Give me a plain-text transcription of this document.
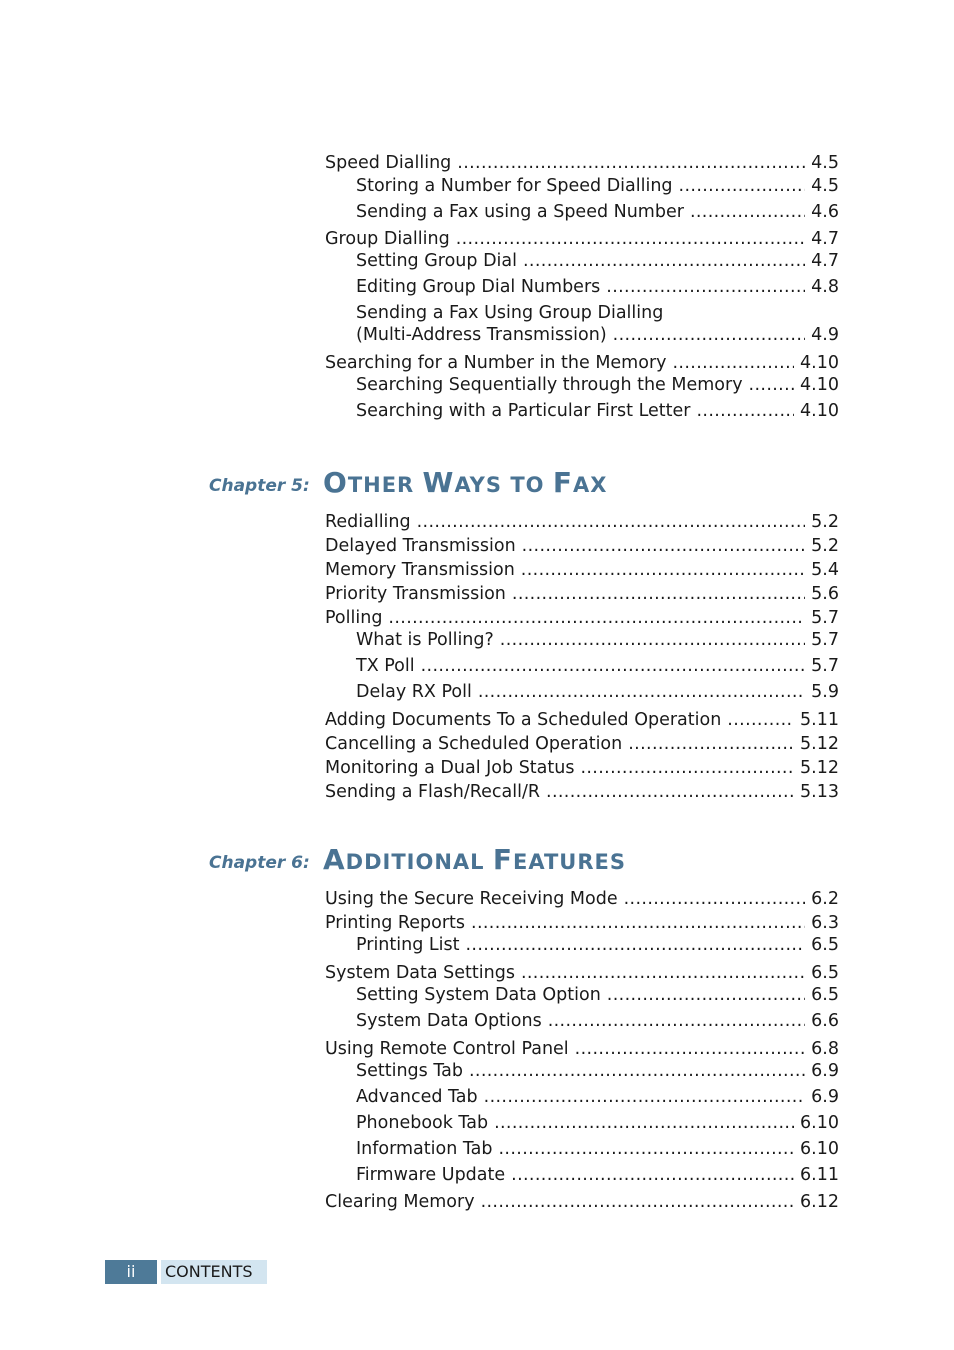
Speed Dialling . . .	4.5
Storing a Number for Speed Dialling . . .	4.5
Sending a Fax using a Speed Number . . .	4.6
Group Dialling . . .	4.7
Setting Group Dial . . .	4.7
Editing Group Dial Numbers . . .	4.8
Sending a Fax Using Group Dialling
(Multi-Address Transmission) . . .	4.9
Searching for a Number in the Memory . . .	4.10
Searching Sequentially through the Memory . . .	4.10
Searching with a Particular First Letter . . .	4.10
Chapter 5: OTHER WAYS TO FAX
Redialling . . .	5.2
Delayed Transmission . . .	5.2
Memory Transmission . . .	5.4
Priority Transmission . . .	5.6
Polling . . .	5.7
What is Polling? . . .	5.7
TX Poll . . .	5.7
Delay RX Poll . . .	5.9
Adding Documents To a Scheduled Operation . . .	5.11
Cancelling a Scheduled Operation . . .	5.12
Monitoring a Dual Job Status . . .	5.12
Sending a Flash/Recall/R . . .	5.13
Chapter 6: ADDITIONAL FEATURES
Using the Secure Receiving Mode . . .	6.2
Printing Reports . . .	6.3
Printing List . . .	6.5
System Data Settings . . .	6.5
Setting System Data Option . . .	6.5
System Data Options . . .	6.6
Using Remote Control Panel . . .	6.8
Settings Tab . . .	6.9
Advanced Tab . . .	6.9
Phonebook Tab . . .	6.10
Information Tab . . .	6.10
Firmware Update . . .	6.11
Clearing Memory . . .	6.12
ii	CONTENTS
